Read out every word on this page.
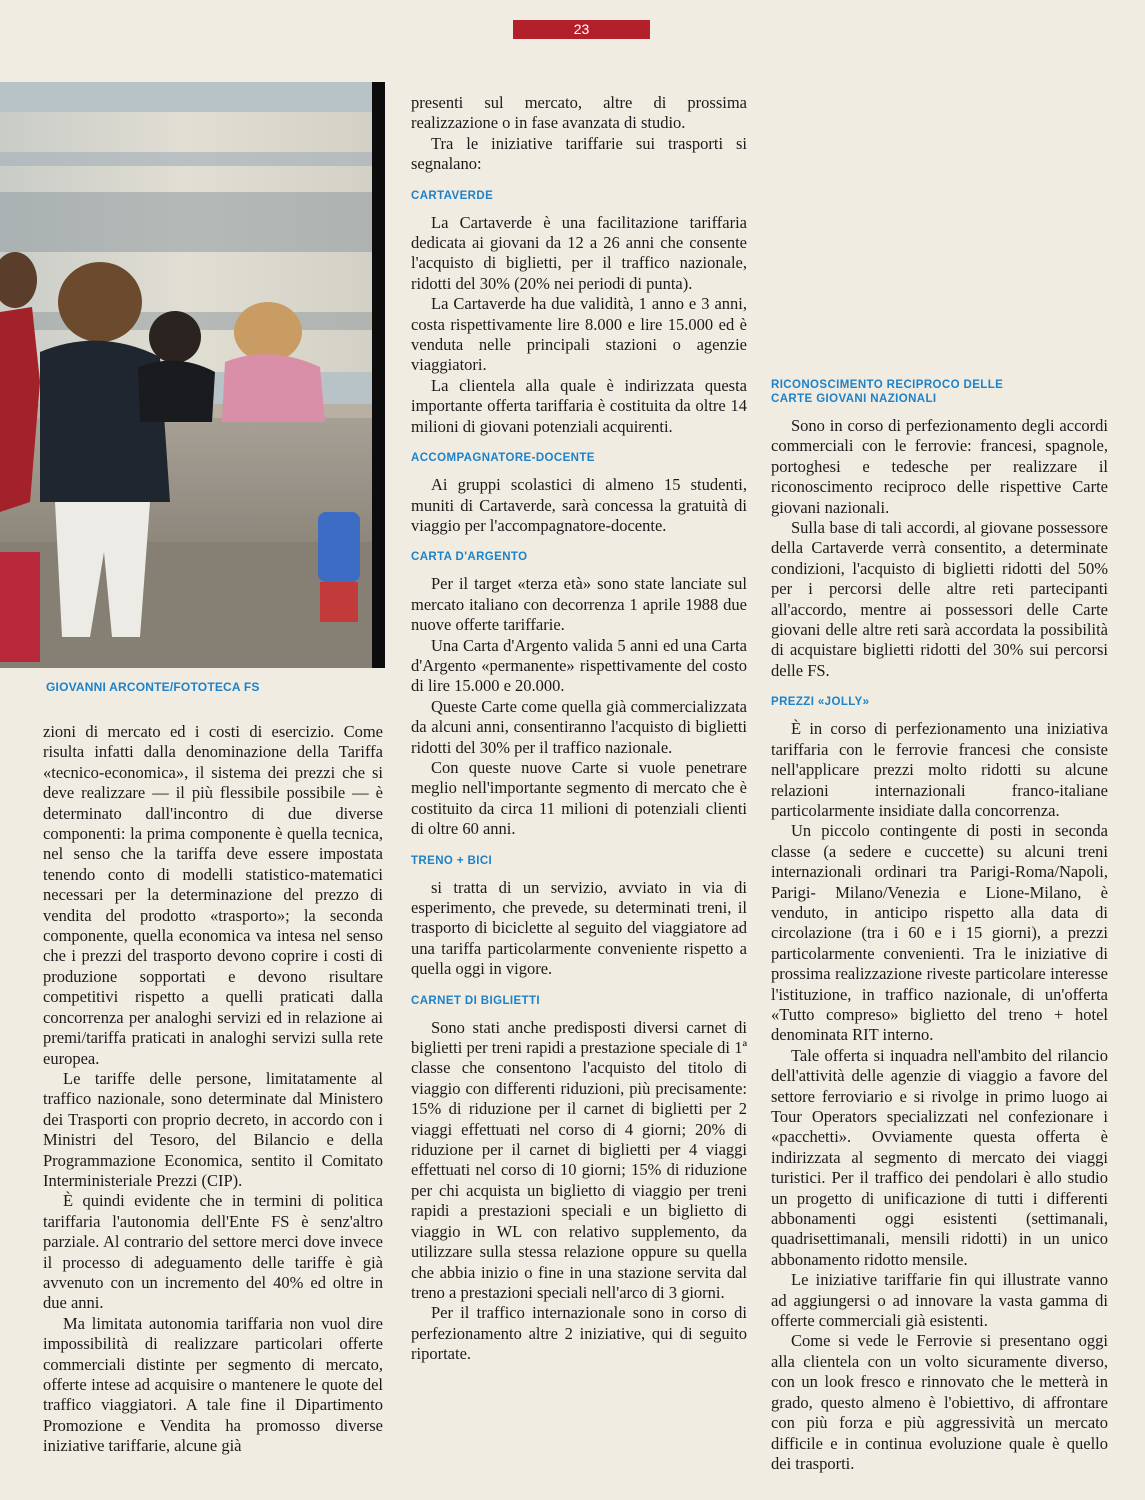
23
GIOVANNI ARCONTE/FOTOTECA FS

zioni di mercato ed i costi di esercizio. Come risulta infatti dalla denominazione della Tariffa «tecnico-economica», il sistema dei prezzi che si deve realizzare — il più flessibile possibile — è determinato dall'incontro di due diverse componenti: la prima componente è quella tecnica, nel senso che la tariffa deve essere impostata tenendo conto di modelli statistico-matematici necessari per la determinazione del prezzo di vendita del prodotto «trasporto»; la seconda componente, quella economica va intesa nel senso che i prezzi del trasporto devono coprire i costi di produzione sopportati e devono risultare competitivi rispetto a quelli praticati dalla concorrenza per analoghi servizi ed in relazione ai premi/tariffa praticati in analoghi servizi sulla rete europea.

Le tariffe delle persone, limitatamente al traffico nazionale, sono determinate dal Ministero dei Trasporti con proprio decreto, in accordo con i Ministri del Tesoro, del Bilancio e della Programmazione Economica, sentito il Comitato Interministeriale Prezzi (CIP).

È quindi evidente che in termini di politica tariffaria l'autonomia dell'Ente FS è senz'altro parziale. Al contrario del settore merci dove invece il processo di adeguamento delle tariffe è già avvenuto con un incremento del 40% ed oltre in due anni.

Ma limitata autonomia tariffaria non vuol dire impossibilità di realizzare particolari offerte commerciali distinte per segmento di mercato, offerte intese ad acquisire o mantenere le quote del traffico viaggiatori. A tale fine il Dipartimento Promozione e Vendita ha promosso diverse iniziative tariffarie, alcune già

presenti sul mercato, altre di prossima realizzazione o in fase avanzata di studio.

Tra le iniziative tariffarie sui trasporti si segnalano:

CARTAVERDE

La Cartaverde è una facilitazione tariffaria dedicata ai giovani da 12 a 26 anni che consente l'acquisto di biglietti, per il traffico nazionale, ridotti del 30% (20% nei periodi di punta).

La Cartaverde ha due validità, 1 anno e 3 anni, costa rispettivamente lire 8.000 e lire 15.000 ed è venduta nelle principali stazioni o agenzie viaggiatori.

La clientela alla quale è indirizzata questa importante offerta tariffaria è costituita da oltre 14 milioni di giovani potenziali acquirenti.

ACCOMPAGNATORE-DOCENTE

Ai gruppi scolastici di almeno 15 studenti, muniti di Cartaverde, sarà concessa la gratuità di viaggio per l'accompagnatore-docente.

CARTA D'ARGENTO

Per il target «terza età» sono state lanciate sul mercato italiano con decorrenza 1 aprile 1988 due nuove offerte tariffarie.

Una Carta d'Argento valida 5 anni ed una Carta d'Argento «permanente» rispettivamente del costo di lire 15.000 e 20.000.

Queste Carte come quella già commercializzata da alcuni anni, consentiranno l'acquisto di biglietti ridotti del 30% per il traffico nazionale.

Con queste nuove Carte si vuole penetrare meglio nell'importante segmento di mercato che è costituito da circa 11 milioni di potenziali clienti di oltre 60 anni.

TRENO + BICI

si tratta di un servizio, avviato in via di esperimento, che prevede, su determinati treni, il trasporto di biciclette al seguito del viaggiatore ad una tariffa particolarmente conveniente rispetto a quella oggi in vigore.

CARNET DI BIGLIETTI

Sono stati anche predisposti diversi carnet di biglietti per treni rapidi a prestazione speciale di 1ª classe che consentono l'acquisto del titolo di viaggio con differenti riduzioni, più precisamente: 15% di riduzione per il carnet di biglietti per 2 viaggi effettuati nel corso di 4 giorni; 20% di riduzione per il carnet di biglietti per 4 viaggi effettuati nel corso di 10 giorni; 15% di riduzione per chi acquista un biglietto di viaggio per treni rapidi a prestazioni speciali e un biglietto di viaggio in WL con relativo supplemento, da utilizzare sulla stessa relazione oppure su quella che abbia inizio o fine in una stazione servita dal treno a prestazioni speciali nell'arco di 3 giorni.

Per il traffico internazionale sono in corso di perfezionamento altre 2 iniziative, qui di seguito riportate.

RICONOSCIMENTO RECIPROCO DELLE
CARTE GIOVANI NAZIONALI

Sono in corso di perfezionamento degli accordi commerciali con le ferrovie: francesi, spagnole, portoghesi e tedesche per realizzare il riconoscimento reciproco delle rispettive Carte giovani nazionali.

Sulla base di tali accordi, al giovane possessore della Cartaverde verrà consentito, a determinate condizioni, l'acquisto di biglietti ridotti del 50% per i percorsi delle altre reti partecipanti all'accordo, mentre ai possessori delle Carte giovani delle altre reti sarà accordata la possibilità di acquistare biglietti ridotti del 30% sui percorsi delle FS.

PREZZI «JOLLY»

È in corso di perfezionamento una iniziativa tariffaria con le ferrovie francesi che consiste nell'applicare prezzi molto ridotti su alcune relazioni internazionali franco-italiane particolarmente insidiate dalla concorrenza.

Un piccolo contingente di posti in seconda classe (a sedere e cuccette) su alcuni treni internazionali ordinari tra Parigi-Roma/Napoli, Parigi- Milano/Venezia e Lione-Milano, è venduto, in anticipo rispetto alla data di circolazione (tra i 60 e i 15 giorni), a prezzi particolarmente convenienti. Tra le iniziative di prossima realizzazione riveste particolare interesse l'istituzione, in traffico nazionale, di un'offerta «Tutto compreso» biglietto del treno + hotel denominata RIT interno.

Tale offerta si inquadra nell'ambito del rilancio dell'attività delle agenzie di viaggio a favore del settore ferroviario e si rivolge in primo luogo ai Tour Operators specializzati nel confezionare i «pacchetti». Ovviamente questa offerta è indirizzata al segmento di mercato dei viaggi turistici. Per il traffico dei pendolari è allo studio un progetto di unificazione di tutti i differenti abbonamenti oggi esistenti (settimanali, quadrisettimanali, mensili ridotti) in un unico abbonamento ridotto mensile.

Le iniziative tariffarie fin qui illustrate vanno ad aggiungersi o ad innovare la vasta gamma di offerte commerciali già esistenti.

Come si vede le Ferrovie si presentano oggi alla clientela con un volto sicuramente diverso, con un look fresco e rinnovato che le metterà in grado, questo almeno è l'obiettivo, di affrontare con più forza e più aggressività un mercato difficile e in continua evoluzione quale è quello dei trasporti.
